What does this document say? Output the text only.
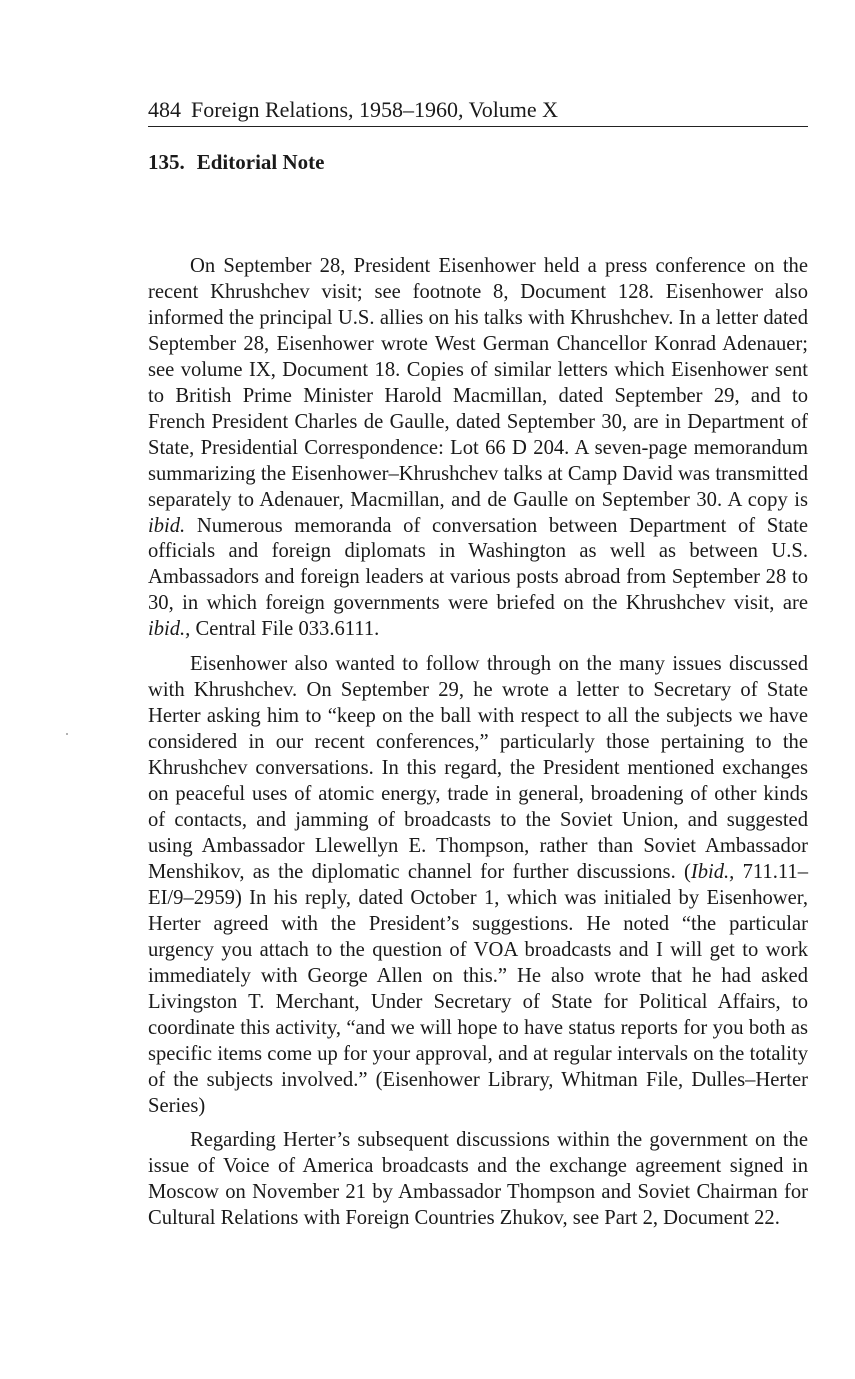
484 Foreign Relations, 1958–1960, Volume X
135. Editorial Note

On September 28, President Eisenhower held a press conference on the recent Khrushchev visit; see footnote 8, Document 128. Eisenhower also informed the principal U.S. allies on his talks with Khrushchev. In a letter dated September 28, Eisenhower wrote West German Chancellor Konrad Adenauer; see volume IX, Document 18. Copies of similar letters which Eisenhower sent to British Prime Minister Harold Macmillan, dated September 29, and to French President Charles de Gaulle, dated September 30, are in Department of State, Presidential Correspondence: Lot 66 D 204. A seven-page memorandum summarizing the Eisenhower–Khrushchev talks at Camp David was transmitted separately to Adenauer, Macmillan, and de Gaulle on September 30. A copy is ibid. Numerous memoranda of conversation between Department of State officials and foreign diplomats in Washington as well as between U.S. Ambassadors and foreign leaders at various posts abroad from September 28 to 30, in which foreign governments were briefed on the Khrushchev visit, are ibid., Central File 033.6111.

Eisenhower also wanted to follow through on the many issues discussed with Khrushchev. On September 29, he wrote a letter to Secretary of State Herter asking him to “keep on the ball with respect to all the subjects we have considered in our recent conferences,” particularly those pertaining to the Khrushchev conversations. In this regard, the President mentioned exchanges on peaceful uses of atomic energy, trade in general, broadening of other kinds of contacts, and jamming of broadcasts to the Soviet Union, and suggested using Ambassador Llewellyn E. Thompson, rather than Soviet Ambassador Menshikov, as the diplomatic channel for further discussions. (Ibid., 711.11–EI/9–2959) In his reply, dated October 1, which was initialed by Eisenhower, Herter agreed with the President’s suggestions. He noted “the particular urgency you attach to the question of VOA broadcasts and I will get to work immediately with George Allen on this.” He also wrote that he had asked Livingston T. Merchant, Under Secretary of State for Political Affairs, to coordinate this activity, “and we will hope to have status reports for you both as specific items come up for your approval, and at regular intervals on the totality of the subjects involved.” (Eisenhower Library, Whitman File, Dulles–Herter Series)

Regarding Herter’s subsequent discussions within the government on the issue of Voice of America broadcasts and the exchange agreement signed in Moscow on November 21 by Ambassador Thompson and Soviet Chairman for Cultural Relations with Foreign Countries Zhukov, see Part 2, Document 22.
